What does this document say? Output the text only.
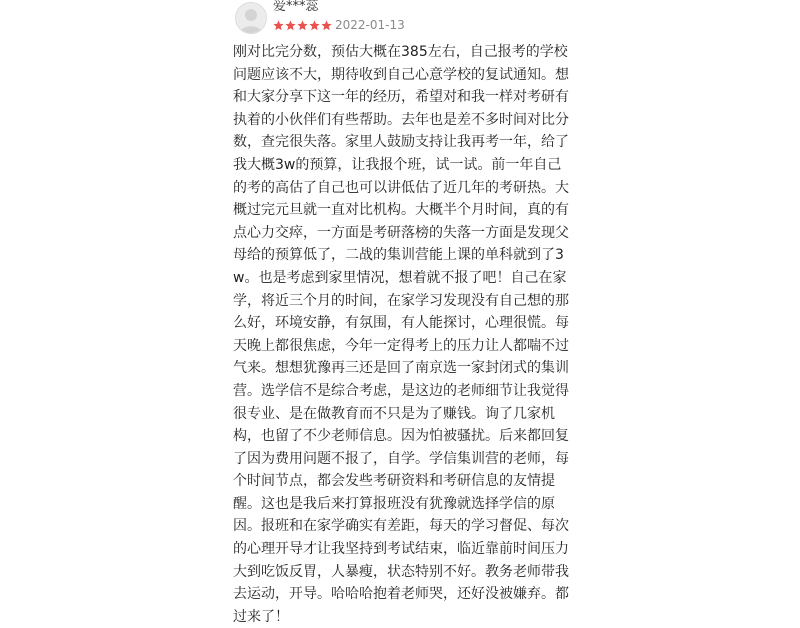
爱***蕊
2022-01-13

刚对比完分数，预估大概在385左右，自己报考的学校问题应该不大，期待收到自己心意学校的复试通知。想和大家分享下这一年的经历，希望对和我一样对考研有执着的小伙伴们有些帮助。去年也是差不多时间对比分数，查完很失落。家里人鼓励支持让我再考一年，给了我大概3w的预算，让我报个班，试一试。前一年自己的考的高估了自己也可以讲低估了近几年的考研热。大概过完元旦就一直对比机构。大概半个月时间，真的有点心力交瘁，一方面是考研落榜的失落一方面是发现父母给的预算低了，二战的集训营能上课的单科就到了3w。也是考虑到家里情况，想着就不报了吧！自己在家学，将近三个月的时间，在家学习发现没有自己想的那么好，环境安静，有氛围，有人能探讨，心理很慌。每天晚上都很焦虑，今年一定得考上的压力让人都喘不过气来。想想犹豫再三还是回了南京选一家封闭式的集训营。选学信不是综合考虑，是这边的老师细节让我觉得很专业、是在做教育而不只是为了赚钱。询了几家机构，也留了不少老师信息。因为怕被骚扰。后来都回复了因为费用问题不报了，自学。学信集训营的老师，每个时间节点，都会发些考研资料和考研信息的友情提醒。这也是我后来打算报班没有犹豫就选择学信的原因。报班和在家学确实有差距，每天的学习督促、每次的心理开导才让我坚持到考试结束，临近靠前时间压力大到吃饭反胃，人暴瘦，状态特别不好。教务老师带我去运动，开导。哈哈哈抱着老师哭，还好没被嫌弃。都过来了！
